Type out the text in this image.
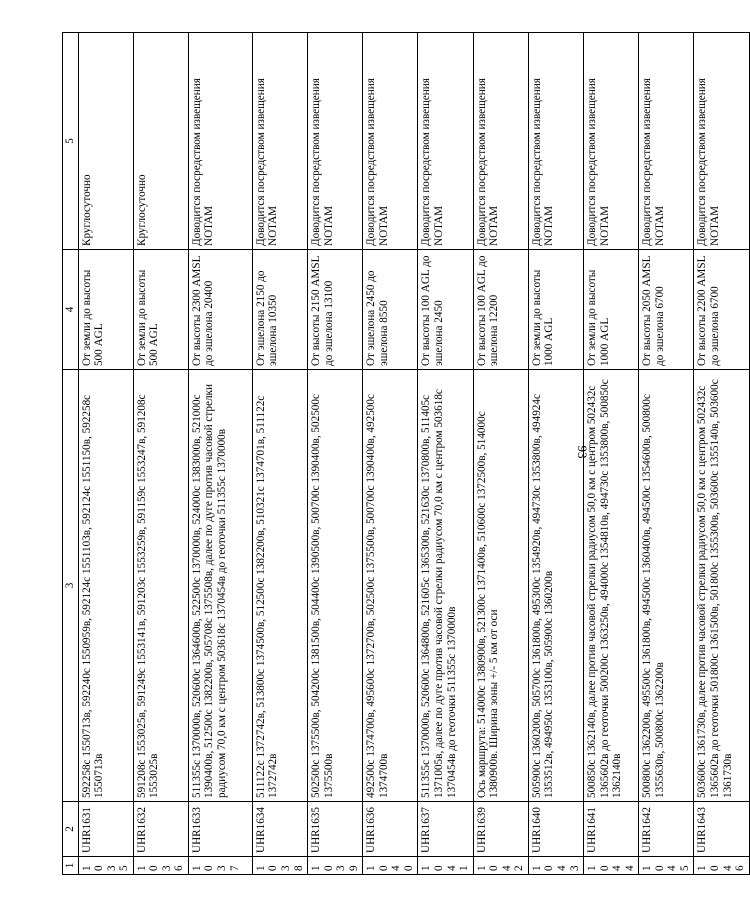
93
1	2	3	4	5
1035	UHR1631	592258с 1550713в, 592240с 1550959в, 592124с 1551103в, 592124с 1551150в, 592258с 1550713в	От земли до высоты 500 AGL	Круглосуточно
1036	UHR1632	591208с 1553025в, 591249с 1553141в, 591203с 1553259в, 591159с 1553247в, 591208с 1553025в	От земли до высоты 500 AGL	Круглосуточно
1037	UHR1633	511355с 1370000в, 520600с 1364600в, 522500с 1370000в, 524000с 1383000в, 521000с 1390400в, 512500с 1382200в, 505708с 1375508в, далее по дуге против часовой стрелки радиусом 70,0 км с центром 503618с 1370454в до геоточки 511355с 1370000в	От высоты 2300 AMSL до эшелона 20400	Доводится посредством извещения NOTAM
1038	UHR1634	511122с 1372742в, 513800с 1374500в, 512500с 1382200в, 510321с 1374701в, 511122с 1372742в	От эшелона 2150 до эшелона 10350	Доводится посредством извещения NOTAM
1039	UHR1635	502500с 1375500в, 504200с 1381500в, 504400с 1390500в, 500700с 1390400в, 502500с 1375500в	От высоты 2150 AMSL до эшелона 13100	Доводится посредством извещения NOTAM
1040	UHR1636	492500с 1374700в, 495600с 1372700в, 502500с 1375500в, 500700с 1390400в, 492500с 1374700в	От эшелона 2450 до эшелона 8550	Доводится посредством извещения NOTAM
1041	UHR1637	511355с 1370000в, 520600с 1364800в, 521605с 1365300в, 521630с 1370800в, 511405с 1371005в, далее по дуге против часовой стрелки радиусом 70,0 км с центром 503618с 1370454в до геоточки 511355с 1370000в	От высоты 100 AGL до эшелона 2450	Доводится посредством извещения NOTAM
1042	UHR1639	Ось маршрута: 514000с 1380900в, 521300с 1371400в, 510600с 1372500в, 514000с 1380900в. Ширина зоны +/- 5 км от оси	От высоты 100 AGL до эшелона 12200	Доводится посредством извещения NOTAM
1043	UHR1640	505900с 1360200в, 505700с 1361800в, 495300с 1354920в, 494730с 1353800в, 494924с 1353512в, 494950с 1353100в, 505900с 1360200в	От земли до высоты 1000 AGL	Доводится посредством извещения NOTAM
1044	UHR1641	500850с 1362140в, далее против часовой стрелки радиусом 50,0 км с центром 502432с 1365602в до геоточки 500200с 1363250в, 494000с 1354810в, 494730с 1353800в, 500850с 1362140в	От земли до высоты 1000 AGL	Доводится посредством извещения NOTAM
1045	UHR1642	500800с 1362200в, 495500с 1361800в, 494500с 1360400в, 494500с 1354600в, 500800с 1355630в, 500800с 1362200в	От высоты 2050 AMSL до эшелона 6700	Доводится посредством извещения NOTAM
1046	UHR1643	503600с 1361730в, далее против часовой стрелки радиусом 50,0 км с центром 502432с 1365602в до геоточки 501800с 1361500в, 501800с 1355300в, 503600с 1355140в, 503600с 1361730в	От высоты 2200 AMSL до эшелона 6700	Доводится посредством извещения NOTAM
